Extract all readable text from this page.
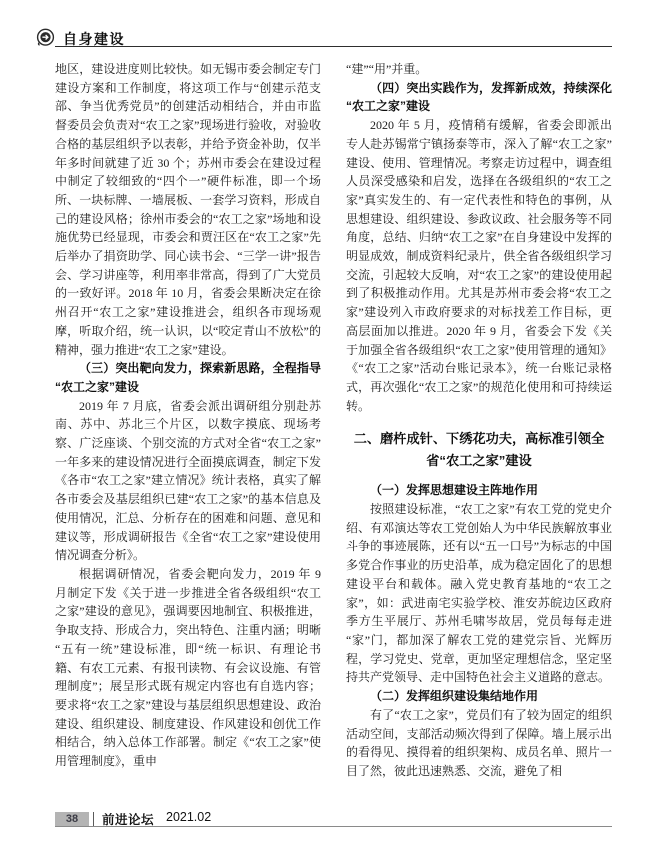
自身建设
地区，建设进度则比较快。如无锡市委会制定专门建设方案和工作制度，将这项工作与“创建示范支部、争当优秀党员”的创建活动相结合，并由市监督委员会负责对“农工之家”现场进行验收，对验收合格的基层组织予以表彰，并给予资金补助，仅半年多时间就建了近 30 个；苏州市委会在建设过程中制定了较细致的“四个一”硬件标准，即一个场所、一块标牌、一墙展板、一套学习资料，形成自己的建设风格；徐州市委会的“农工之家”场地和设施优势已经显现，市委会和贾汪区在“农工之家”先后举办了捐资助学、同心读书会、“三学一讲”报告会、学习讲座等，利用率非常高，得到了广大党员的一致好评。2018 年 10 月，省委会果断决定在徐州召开“农工之家”建设推进会，组织各市现场观摩，听取介绍，统一认识，以“咬定青山不放松”的精神，强力推进“农工之家”建设。
（三）突出靶向发力，探索新思路，全程指导“农工之家”建设
2019 年 7 月底，省委会派出调研组分别赴苏南、苏中、苏北三个片区，以数字摸底、现场考察、广泛座谈、个别交流的方式对全省“农工之家”一年多来的建设情况进行全面摸底调查，制定下发《各市“农工之家”建立情况》统计表格，真实了解各市委会及基层组织已建“农工之家”的基本信息及使用情况，汇总、分析存在的困难和问题、意见和建议等，形成调研报告《全省“农工之家”建设使用情况调查分析》。
根据调研情况，省委会靶向发力，2019 年 9 月制定下发《关于进一步推进全省各级组织“农工之家”建设的意见》，强调要因地制宜、积极推进，争取支持、形成合力，突出特色、注重内涵；明晰“五有一统”建设标准，即“统一标识、有理论书籍、有农工元素、有报刊读物、有会议设施、有管理制度”；展呈形式既有规定内容也有自选内容；要求将“农工之家”建设与基层组织思想建设、政治建设、组织建设、制度建设、作风建设和创优工作相结合，纳入总体工作部署。制定《“农工之家”使用管理制度》，重申
“建”“用”并重。
（四）突出实践作为，发挥新成效，持续深化“农工之家”建设
2020 年 5 月，疫情稍有缓解，省委会即派出专人赴苏锡常宁镇扬泰等市，深入了解“农工之家”建设、使用、管理情况。考察走访过程中，调查组人员深受感染和启发，选择在各级组织的“农工之家”真实发生的、有一定代表性和特色的事例，从思想建设、组织建设、参政议政、社会服务等不同角度，总结、归纳“农工之家”在自身建设中发挥的明显成效，制成资料纪录片，供全省各级组织学习交流，引起较大反响，对“农工之家”的建设使用起到了积极推动作用。尤其是苏州市委会将“农工之家”建设列入市政府要求的对标找差工作目标，更高层面加以推进。2020 年 9 月，省委会下发《关于加强全省各级组织“农工之家”使用管理的通知》《“农工之家”活动台账记录本》，统一台账记录格式，再次强化“农工之家”的规范化使用和可持续运转。
二、磨杵成针、下绣花功夫，高标准引领全省“农工之家”建设
（一）发挥思想建设主阵地作用
按照建设标准，“农工之家”有农工党的党史介绍、有邓演达等农工党创始人为中华民族解放事业斗争的事迹展陈，还有以“五一口号”为标志的中国多党合作事业的历史沿革，成为稳定固化了的思想建设平台和载体。融入党史教育基地的“农工之家”，如：武进南宅实验学校、淮安苏皖边区政府季方生平展厅、苏州毛啸岑故居，党员每每走进“家”门，都加深了解农工党的建党宗旨、光辉历程，学习党史、党章，更加坚定理想信念，坚定坚持共产党领导、走中国特色社会主义道路的意志。
（二）发挥组织建设集结地作用
有了“农工之家”，党员们有了较为固定的组织活动空间，支部活动频次得到了保障。墙上展示出的看得见、摸得着的组织架构、成员名单、照片一目了然，彼此迅速熟悉、交流，避免了相
38	前进论坛 2021.02
